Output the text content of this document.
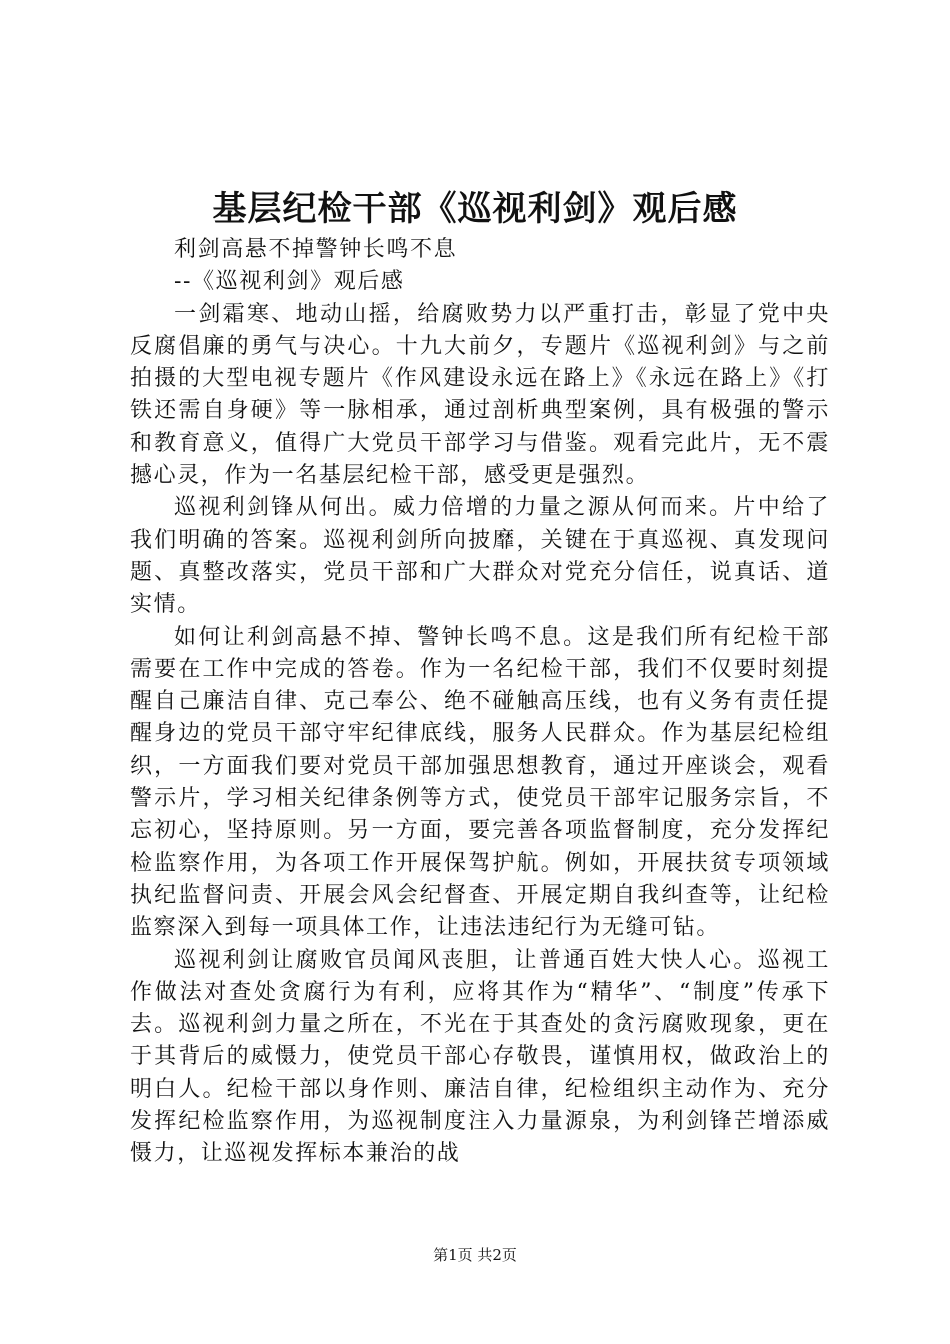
基层纪检干部《巡视利剑》观后感

利剑高悬不掉警钟长鸣不息

--《巡视利剑》观后感

一剑霜寒、地动山摇，给腐败势力以严重打击，彰显了党中央反腐倡廉的勇气与决心。十九大前夕，专题片《巡视利剑》与之前拍摄的大型电视专题片《作风建设永远在路上》《永远在路上》《打铁还需自身硬》等一脉相承，通过剖析典型案例，具有极强的警示和教育意义，值得广大党员干部学习与借鉴。观看完此片，无不震撼心灵，作为一名基层纪检干部，感受更是强烈。

巡视利剑锋从何出。威力倍增的力量之源从何而来。片中给了我们明确的答案。巡视利剑所向披靡，关键在于真巡视、真发现问题、真整改落实，党员干部和广大群众对党充分信任，说真话、道实情。

如何让利剑高悬不掉、警钟长鸣不息。这是我们所有纪检干部需要在工作中完成的答卷。作为一名纪检干部，我们不仅要时刻提醒自己廉洁自律、克己奉公、绝不碰触高压线，也有义务有责任提醒身边的党员干部守牢纪律底线，服务人民群众。作为基层纪检组织，一方面我们要对党员干部加强思想教育，通过开座谈会，观看警示片，学习相关纪律条例等方式，使党员干部牢记服务宗旨，不忘初心，坚持原则。另一方面，要完善各项监督制度，充分发挥纪检监察作用，为各项工作开展保驾护航。例如，开展扶贫专项领域执纪监督问责、开展会风会纪督查、开展定期自我纠查等，让纪检监察深入到每一项具体工作，让违法违纪行为无缝可钻。

巡视利剑让腐败官员闻风丧胆，让普通百姓大快人心。巡视工作做法对查处贪腐行为有利，应将其作为“精华”、“制度”传承下去。巡视利剑力量之所在，不光在于其查处的贪污腐败现象，更在于其背后的威慑力，使党员干部心存敬畏，谨慎用权，做政治上的明白人。纪检干部以身作则、廉洁自律，纪检组织主动作为、充分发挥纪检监察作用，为巡视制度注入力量源泉，为利剑锋芒增添威慑力，让巡视发挥标本兼治的战

第1页 共2页
